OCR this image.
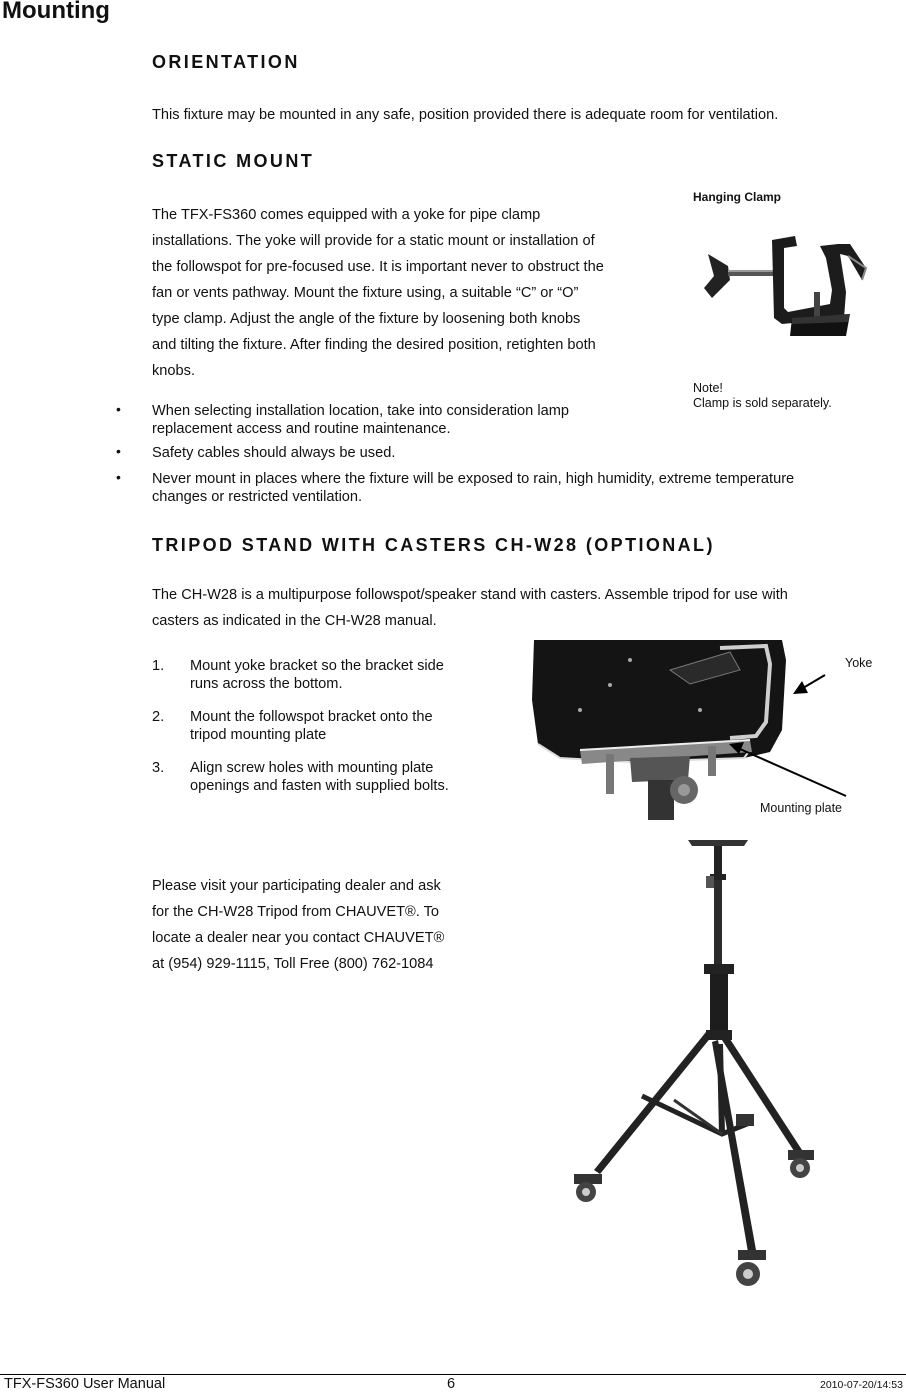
Mounting
ORIENTATION
This fixture may be mounted in any safe, position provided there is adequate room for ventilation.
STATIC MOUNT
The TFX-FS360 comes equipped with a yoke for pipe clamp
installations. The yoke will provide for a static mount or installation of
the followspot for pre-focused use. It is important never to obstruct the
fan or vents pathway. Mount the fixture using, a suitable “C” or “O”
type clamp. Adjust the angle of the fixture by loosening both knobs
and tilting the fixture. After finding the desired position, retighten both
knobs.
Hanging Clamp
Note!
Clamp is sold separately.
• When selecting installation location, take into consideration lamp
replacement access and routine maintenance.
• Safety cables should always be used.
• Never mount in places where the fixture will be exposed to rain, high humidity, extreme temperature
changes or restricted ventilation.
TRIPOD STAND WITH CASTERS CH-W28 (OPTIONAL)
The CH-W28 is a multipurpose followspot/speaker stand with casters. Assemble tripod for use with
casters as indicated in the CH-W28 manual.
1. Mount yoke bracket so the bracket side
runs across the bottom.
2. Mount the followspot bracket onto the
tripod mounting plate
3. Align screw holes with mounting plate
openings and fasten with supplied bolts.
Yoke
Mounting plate
Please visit your participating dealer and ask
for the CH-W28 Tripod from CHAUVET®. To
locate a dealer near you contact CHAUVET®
at (954) 929-1115, Toll Free (800) 762-1084
TFX-FS360 User Manual	6	2010-07-20/14:53
